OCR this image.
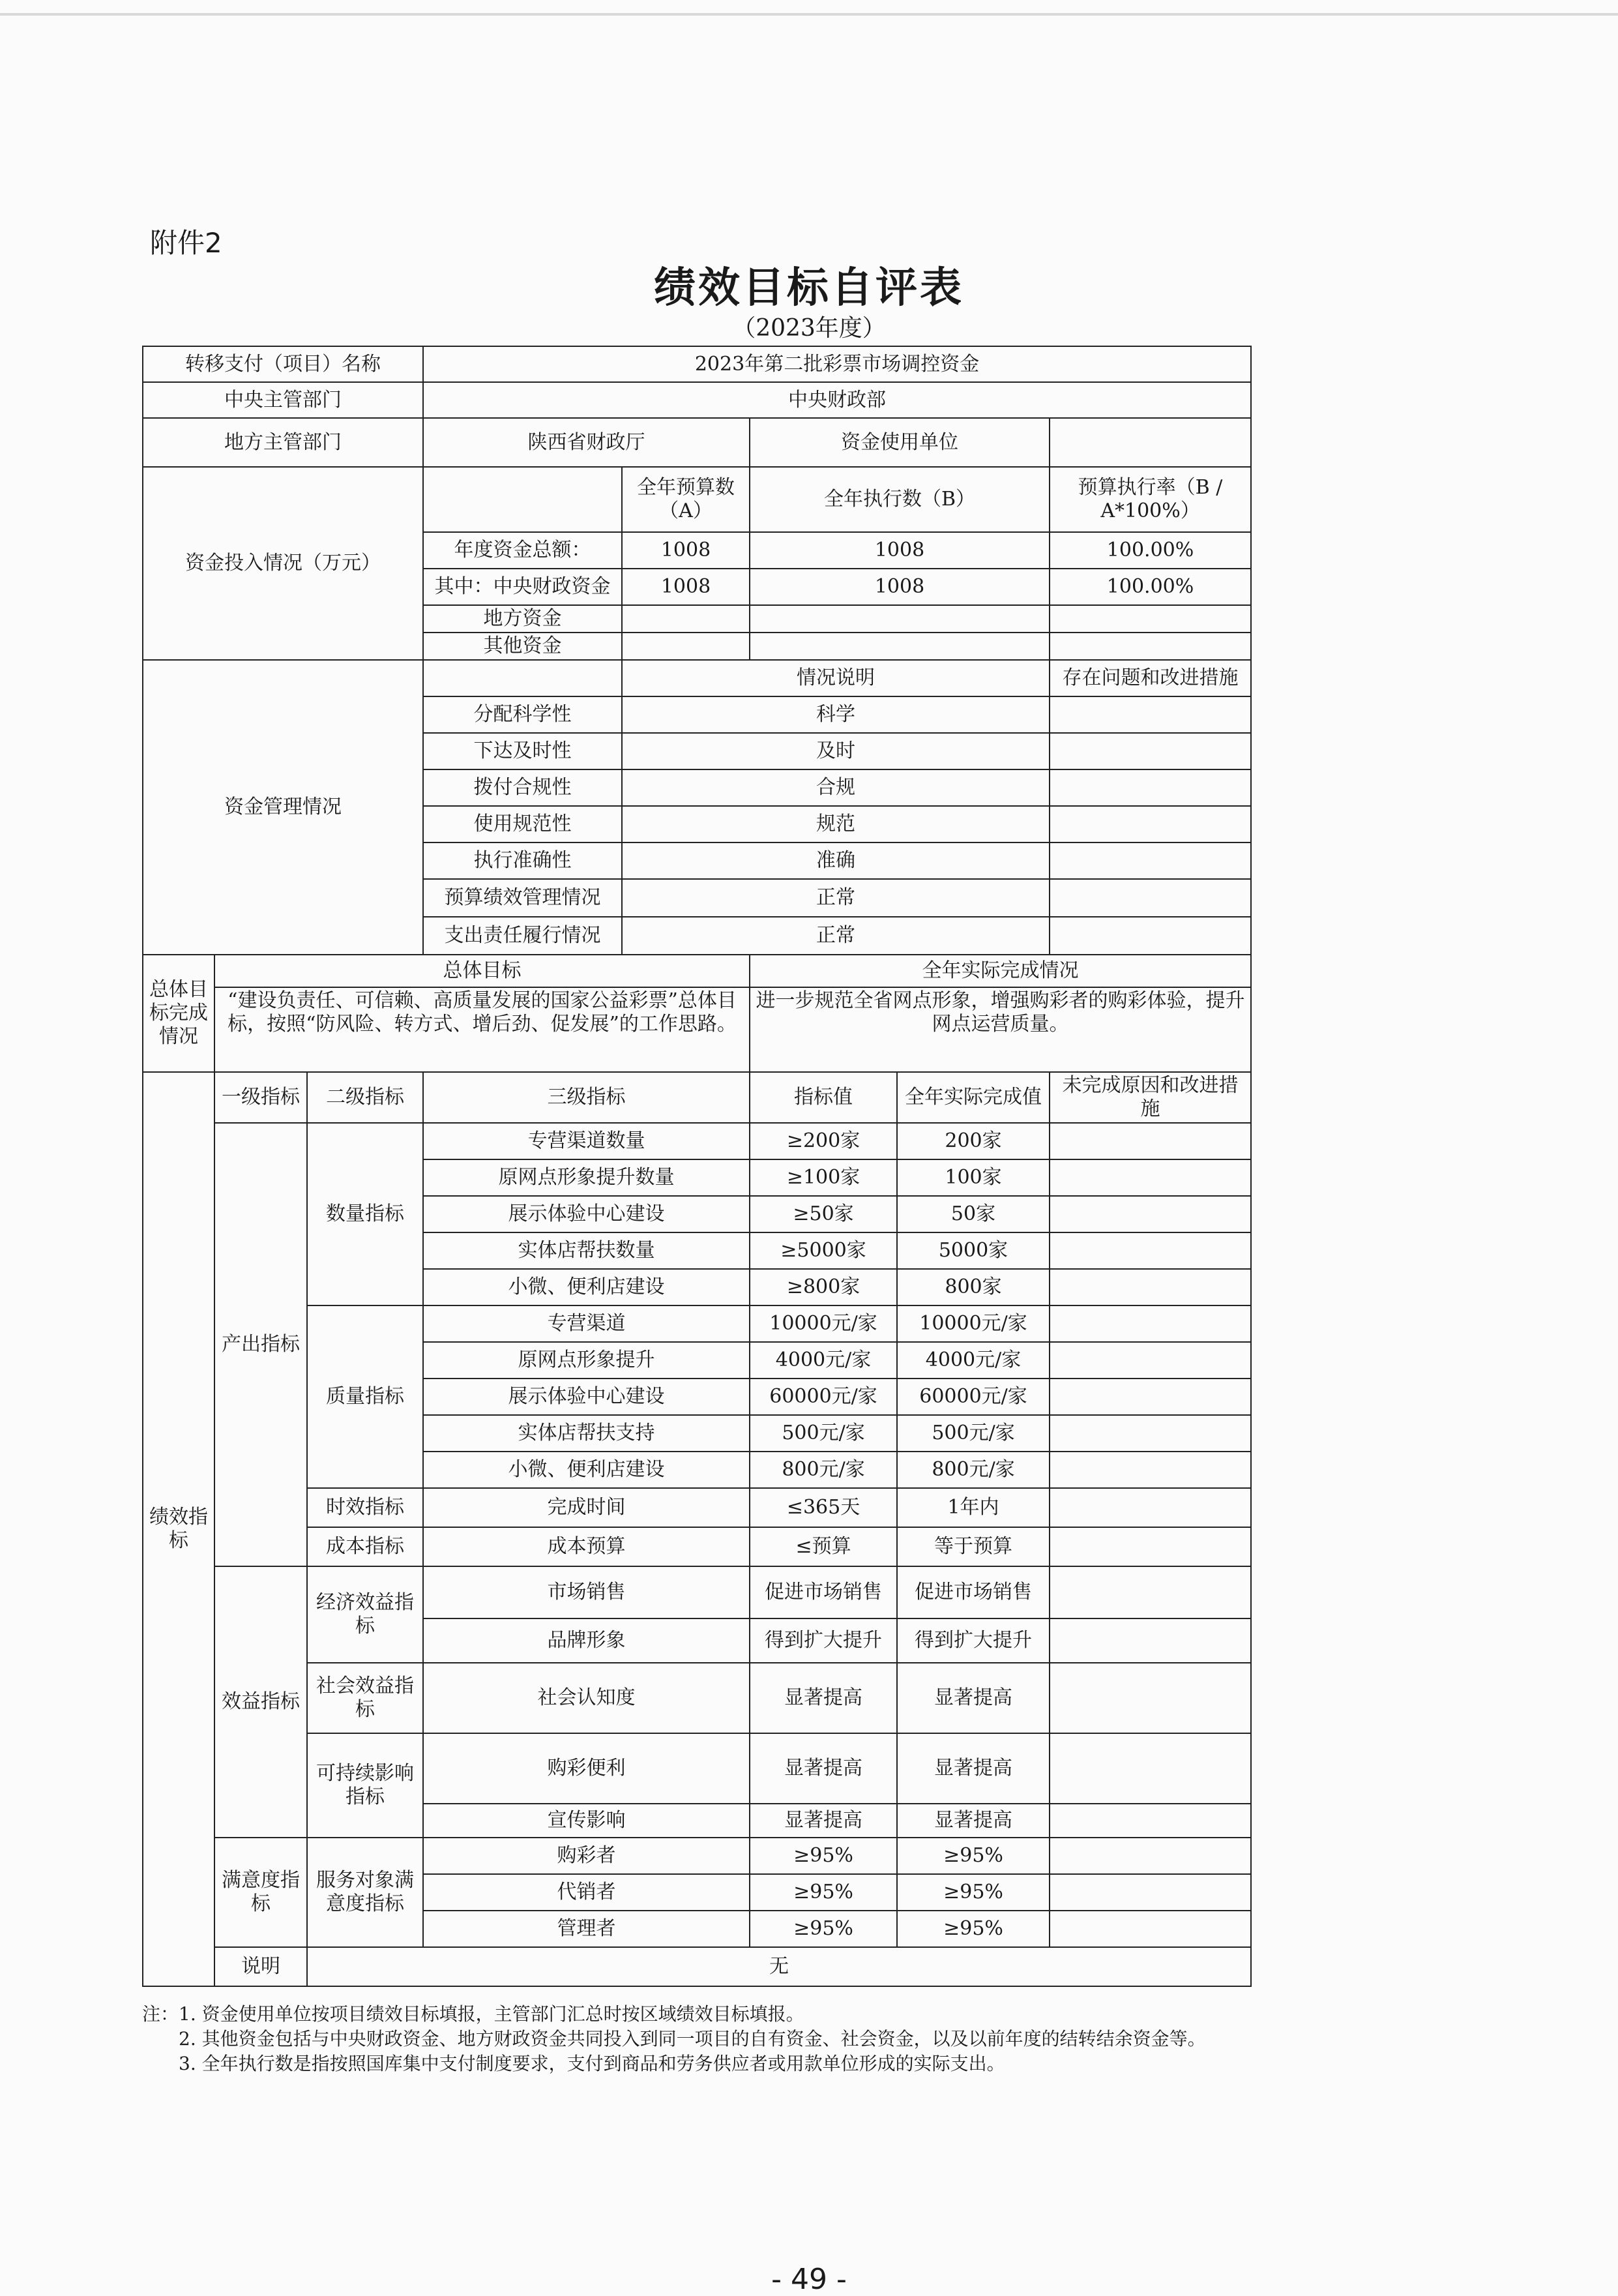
附件2
绩效目标自评表
（2023年度）
转移支付（项目）名称			2023年第二批彩票市场调控资金				
中央主管部门			中央财政部				
地方主管部门			陕西省财政厅		资金使用单位		
资金投入情况（万元）				全年预算数（A）	全年执行数（B）		预算执行率（B / A*100%）
			年度资金总额：	1008	1008		100.00%
			其中：中央财政资金	1008	1008		100.00%
			地方资金				
			其他资金				
资金管理情况				情况说明			存在问题和改进措施
			分配科学性	科学			
			下达及时性	及时			
			拨付合规性	合规			
			使用规范性	规范			
			执行准确性	准确			
			预算绩效管理情况	正常			
			支出责任履行情况	正常			
总体目标完成情况	总体目标				全年实际完成情况		
	“建设负责任、可信赖、高质量发展的国家公益彩票”总体目标，按照“防风险、转方式、增后劲、促发展”的工作思路。				进一步规范全省网点形象，增强购彩者的购彩体验，提升网点运营质量。		
绩效指标	一级指标	二级指标	三级指标		指标值	全年实际完成值	未完成原因和改进措施
	产出指标	数量指标	专营渠道数量		≥200家	200家	
			原网点形象提升数量		≥100家	100家	
			展示体验中心建设		≥50家	50家	
			实体店帮扶数量		≥5000家	5000家	
			小微、便利店建设		≥800家	800家	
		质量指标	专营渠道		10000元/家	10000元/家	
			原网点形象提升		4000元/家	4000元/家	
			展示体验中心建设		60000元/家	60000元/家	
			实体店帮扶支持		500元/家	500元/家	
			小微、便利店建设		800元/家	800元/家	
		时效指标	完成时间		≤365天	1年内	
		成本指标	成本预算		≤预算	等于预算	
	效益指标	经济效益指标	市场销售		促进市场销售	促进市场销售	
			品牌形象		得到扩大提升	得到扩大提升	
		社会效益指标	社会认知度		显著提高	显著提高	
		可持续影响指标	购彩便利		显著提高	显著提高	
			宣传影响		显著提高	显著提高	

	满意度指标	服务对象满意度指标	购彩者		≥95%	≥95%	
			代销者		≥95%	≥95%	
			管理者		≥95%	≥95%	
	说明	无					
注：1. 资金使用单位按项目绩效目标填报，主管部门汇总时按区域绩效目标填报。
　　2. 其他资金包括与中央财政资金、地方财政资金共同投入到同一项目的自有资金、社会资金，以及以前年度的结转结余资金等。
　　3. 全年执行数是指按照国库集中支付制度要求，支付到商品和劳务供应者或用款单位形成的实际支出。
- 49 -
